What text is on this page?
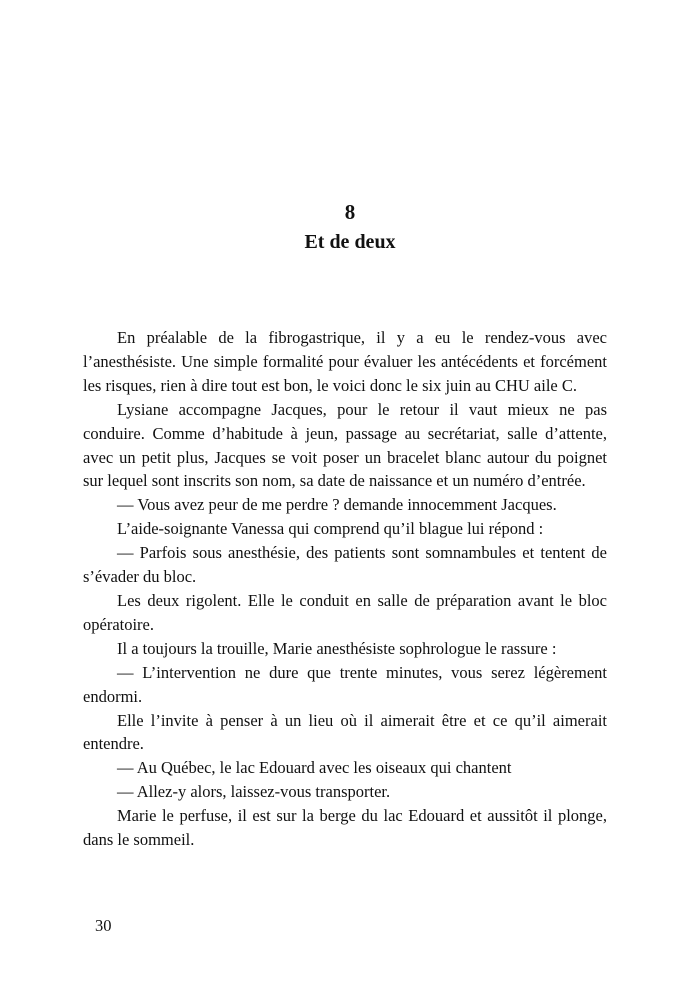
8
Et de deux

En préalable de la fibrogastrique, il y a eu le rendez-vous avec l’anesthésiste. Une simple formalité pour évaluer les antécédents et forcément les risques, rien à dire tout est bon, le voici donc le six juin au CHU aile C.

Lysiane accompagne Jacques, pour le retour il vaut mieux ne pas conduire. Comme d’habitude à jeun, passage au secrétariat, salle d’attente, avec un petit plus, Jacques se voit poser un bracelet blanc autour du poignet sur lequel sont inscrits son nom, sa date de naissance et un numéro d’entrée.

— Vous avez peur de me perdre ? demande innocemment Jacques.

L’aide-soignante Vanessa qui comprend qu’il blague lui répond :

— Parfois sous anesthésie, des patients sont somnambules et tentent de s’évader du bloc.

Les deux rigolent. Elle le conduit en salle de préparation avant le bloc opératoire.

Il a toujours la trouille, Marie anesthésiste sophrologue le rassure :

— L’intervention ne dure que trente minutes, vous serez légèrement endormi.

Elle l’invite à penser à un lieu où il aimerait être et ce qu’il aimerait entendre.

— Au Québec, le lac Edouard avec les oiseaux qui chantent

— Allez-y alors, laissez-vous transporter.

Marie le perfuse, il est sur la berge du lac Edouard et aussitôt il plonge, dans le sommeil.

30
